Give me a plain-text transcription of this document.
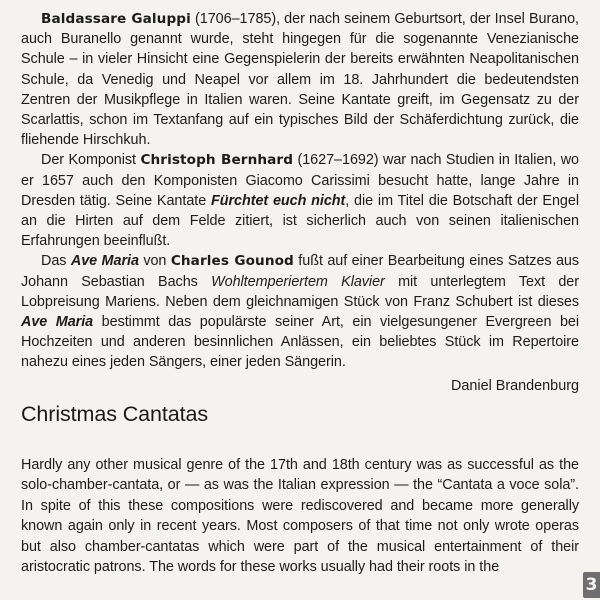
Baldassare Galuppi (1706–1785), der nach seinem Geburtsort, der Insel Burano, auch Buranello genannt wurde, steht hingegen für die sogenannte Venezianische Schule – in vieler Hinsicht eine Gegenspielerin der bereits erwähnten Neapolitanischen Schule, da Venedig und Neapel vor allem im 18. Jahrhundert die bedeutendsten Zentren der Musikpflege in Italien waren. Seine Kantate greift, im Gegensatz zu der Scarlattis, schon im Textanfang auf ein typisches Bild der Schäferdichtung zurück, die fliehende Hirschkuh.

Der Komponist Christoph Bernhard (1627–1692) war nach Studien in Italien, wo er 1657 auch den Komponisten Giacomo Carissimi besucht hatte, lange Jahre in Dresden tätig. Seine Kantate Fürchtet euch nicht, die im Titel die Botschaft der Engel an die Hirten auf dem Felde zitiert, ist sicherlich auch von seinen italienischen Erfahrungen beeinflußt.

Das Ave Maria von Charles Gounod fußt auf einer Bearbeitung eines Satzes aus Johann Sebastian Bachs Wohltemperiertem Klavier mit unterlegtem Text der Lobpreisung Mariens. Neben dem gleichnamigen Stück von Franz Schubert ist dieses Ave Maria bestimmt das populärste seiner Art, ein vielgesungener Evergreen bei Hochzeiten und anderen besinnlichen Anlässen, ein beliebtes Stück im Repertoire nahezu eines jeden Sängers, einer jeden Sängerin.

Daniel Brandenburg

Christmas Cantatas

Hardly any other musical genre of the 17th and 18th century was as successful as the solo-chamber-cantata, or — as was the Italian expression — the “Cantata a voce sola”. In spite of this these compositions were rediscovered and became more generally known again only in recent years. Most composers of that time not only wrote operas but also chamber-cantatas which were part of the musical entertainment of their aristocratic patrons. The words for these works usually had their roots in the

3
